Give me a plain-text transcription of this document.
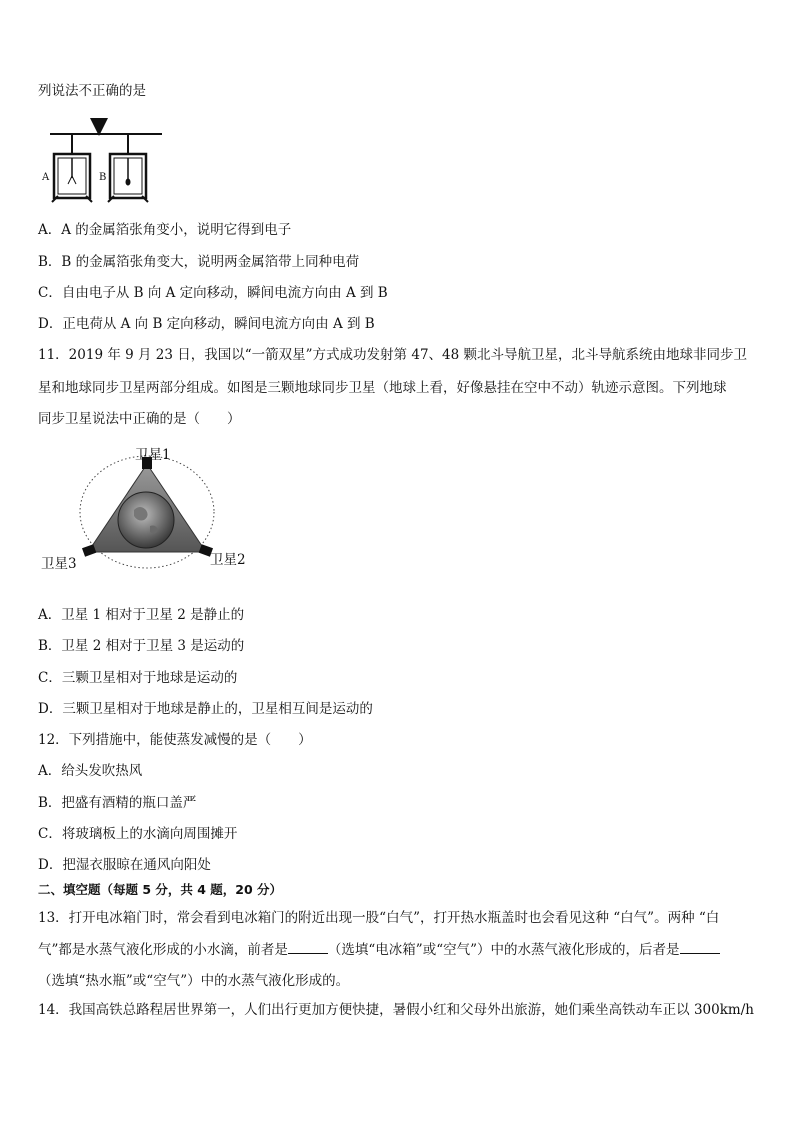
列说法不正确的是
A	B
A．A 的金属箔张角变小，说明它得到电子
B．B 的金属箔张角变大，说明两金属箔带上同种电荷
C．自由电子从 B 向 A 定向移动，瞬间电流方向由 A 到 B
D．正电荷从 A 向 B 定向移动，瞬间电流方向由 A 到 B
11．2019 年 9 月 23 日，我国以“一箭双星”方式成功发射第 47、48 颗北斗导航卫星，北斗导航系统由地球非同步卫
星和地球同步卫星两部分组成。如图是三颗地球同步卫星（地球上看，好像悬挂在空中不动）轨迹示意图。下列地球
同步卫星说法中正确的是（　　）
卫星1
卫星2
卫星3
A．卫星 1 相对于卫星 2 是静止的
B．卫星 2 相对于卫星 3 是运动的
C．三颗卫星相对于地球是运动的
D．三颗卫星相对于地球是静止的，卫星相互间是运动的
12．下列措施中，能使蒸发减慢的是（　　）
A．给头发吹热风
B．把盛有酒精的瓶口盖严
C．将玻璃板上的水滴向周围摊开
D．把湿衣服晾在通风向阳处
二、填空题（每题 5 分，共 4 题，20 分）
13．打开电冰箱门时，常会看到电冰箱门的附近出现一股“白气”，打开热水瓶盖时也会看见这种 “白气”。两种 “白
气”都是水蒸气液化形成的小水滴，前者是	（选填“电冰箱”或“空气”）中的水蒸气液化形成的，后者是
（选填“热水瓶”或“空气”）中的水蒸气液化形成的。
14．我国高铁总路程居世界第一，人们出行更加方便快捷，暑假小红和父母外出旅游，她们乘坐高铁动车正以 300km/h
